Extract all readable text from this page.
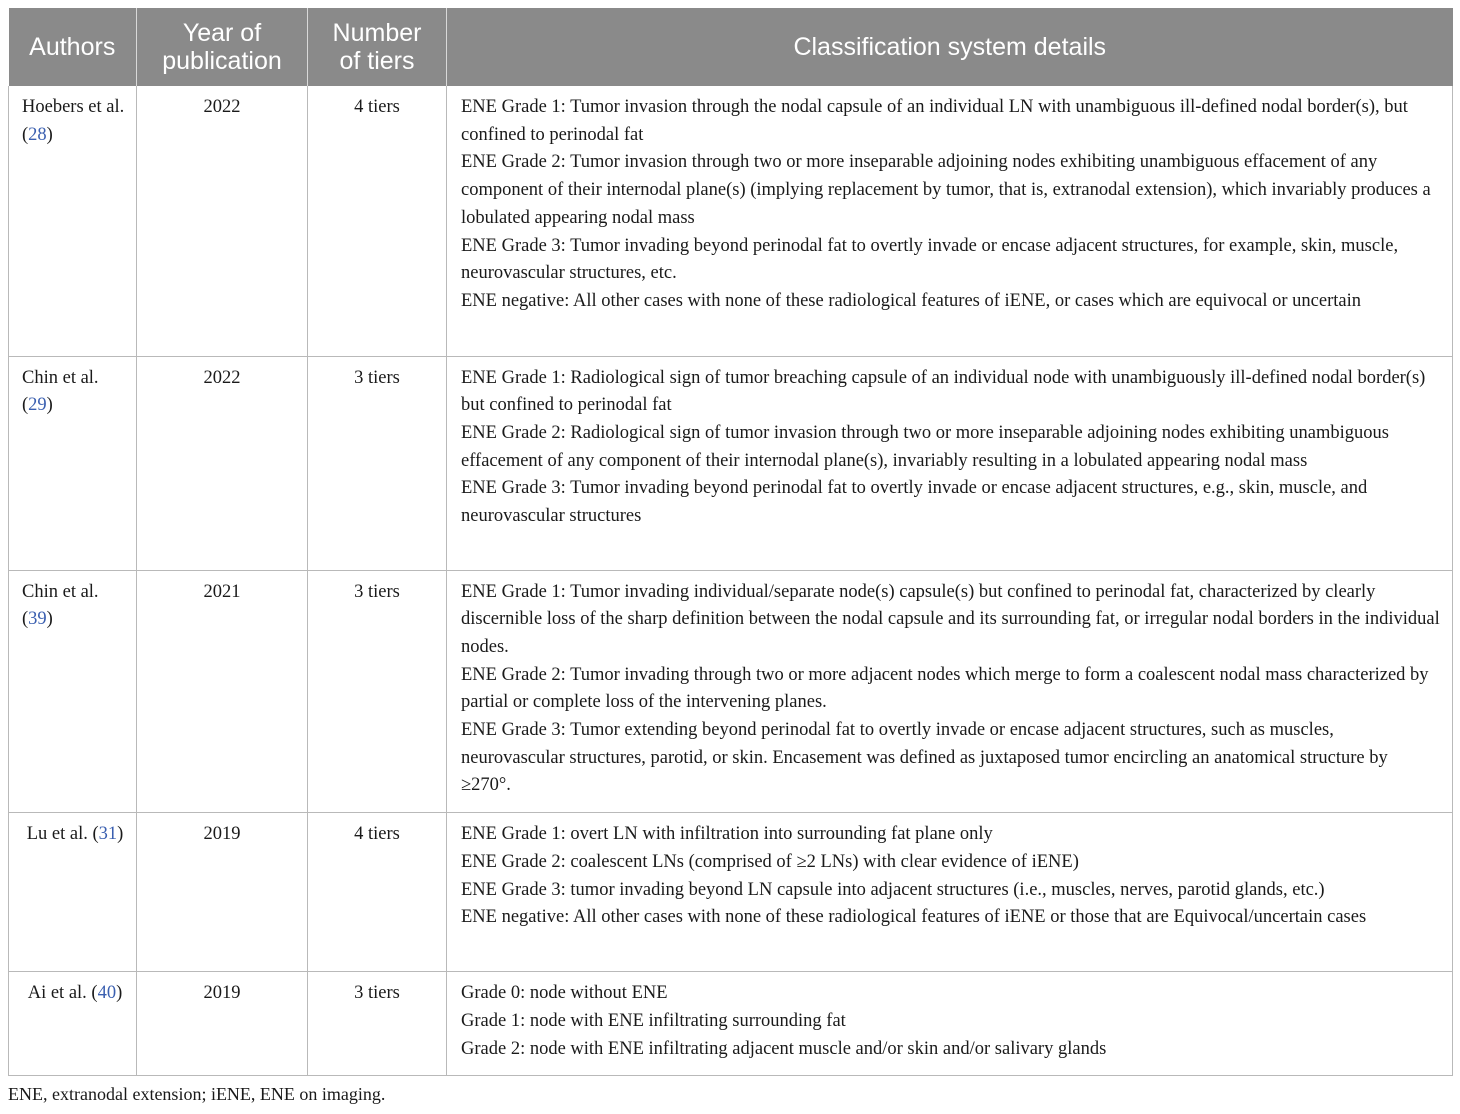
Authors	Year of publication	Number of tiers	Classification system details
Hoebers et al. (28)	2022	4 tiers	ENE Grade 1: Tumor invasion through the nodal capsule of an individual LN with unambiguous ill-defined nodal border(s), but confined to perinodal fat
ENE Grade 2: Tumor invasion through two or more inseparable adjoining nodes exhibiting unambiguous effacement of any component of their internodal plane(s) (implying replacement by tumor, that is, extranodal extension), which invariably produces a lobulated appearing nodal mass
ENE Grade 3: Tumor invading beyond perinodal fat to overtly invade or encase adjacent structures, for example, skin, muscle, neurovascular structures, etc.
ENE negative: All other cases with none of these radiological features of iENE, or cases which are equivocal or uncertain

Chin et al. (29)	2022	3 tiers	ENE Grade 1: Radiological sign of tumor breaching capsule of an individual node with unambiguously ill-defined nodal border(s) but confined to perinodal fat
ENE Grade 2: Radiological sign of tumor invasion through two or more inseparable adjoining nodes exhibiting unambiguous effacement of any component of their internodal plane(s), invariably resulting in a lobulated appearing nodal mass
ENE Grade 3: Tumor invading beyond perinodal fat to overtly invade or encase adjacent structures, e.g., skin, muscle, and neurovascular structures

Chin et al. (39)	2021	3 tiers	ENE Grade 1: Tumor invading individual/separate node(s) capsule(s) but confined to perinodal fat, characterized by clearly discernible loss of the sharp definition between the nodal capsule and its surrounding fat, or irregular nodal borders in the individual nodes.
ENE Grade 2: Tumor invading through two or more adjacent nodes which merge to form a coalescent nodal mass characterized by partial or complete loss of the intervening planes.
ENE Grade 3: Tumor extending beyond perinodal fat to overtly invade or encase adjacent structures, such as muscles, neurovascular structures, parotid, or skin. Encasement was defined as juxtaposed tumor encircling an anatomical structure by ≥270°.

Lu et al. (31)	2019	4 tiers	ENE Grade 1: overt LN with infiltration into surrounding fat plane only
ENE Grade 2: coalescent LNs (comprised of ≥2 LNs) with clear evidence of iENE)
ENE Grade 3: tumor invading beyond LN capsule into adjacent structures (i.e., muscles, nerves, parotid glands, etc.)
ENE negative: All other cases with none of these radiological features of iENE or those that are Equivocal/uncertain cases

Ai et al. (40)	2019	3 tiers	Grade 0: node without ENE
Grade 1: node with ENE infiltrating surrounding fat
Grade 2: node with ENE infiltrating adjacent muscle and/or skin and/or salivary glands
ENE, extranodal extension; iENE, ENE on imaging.
